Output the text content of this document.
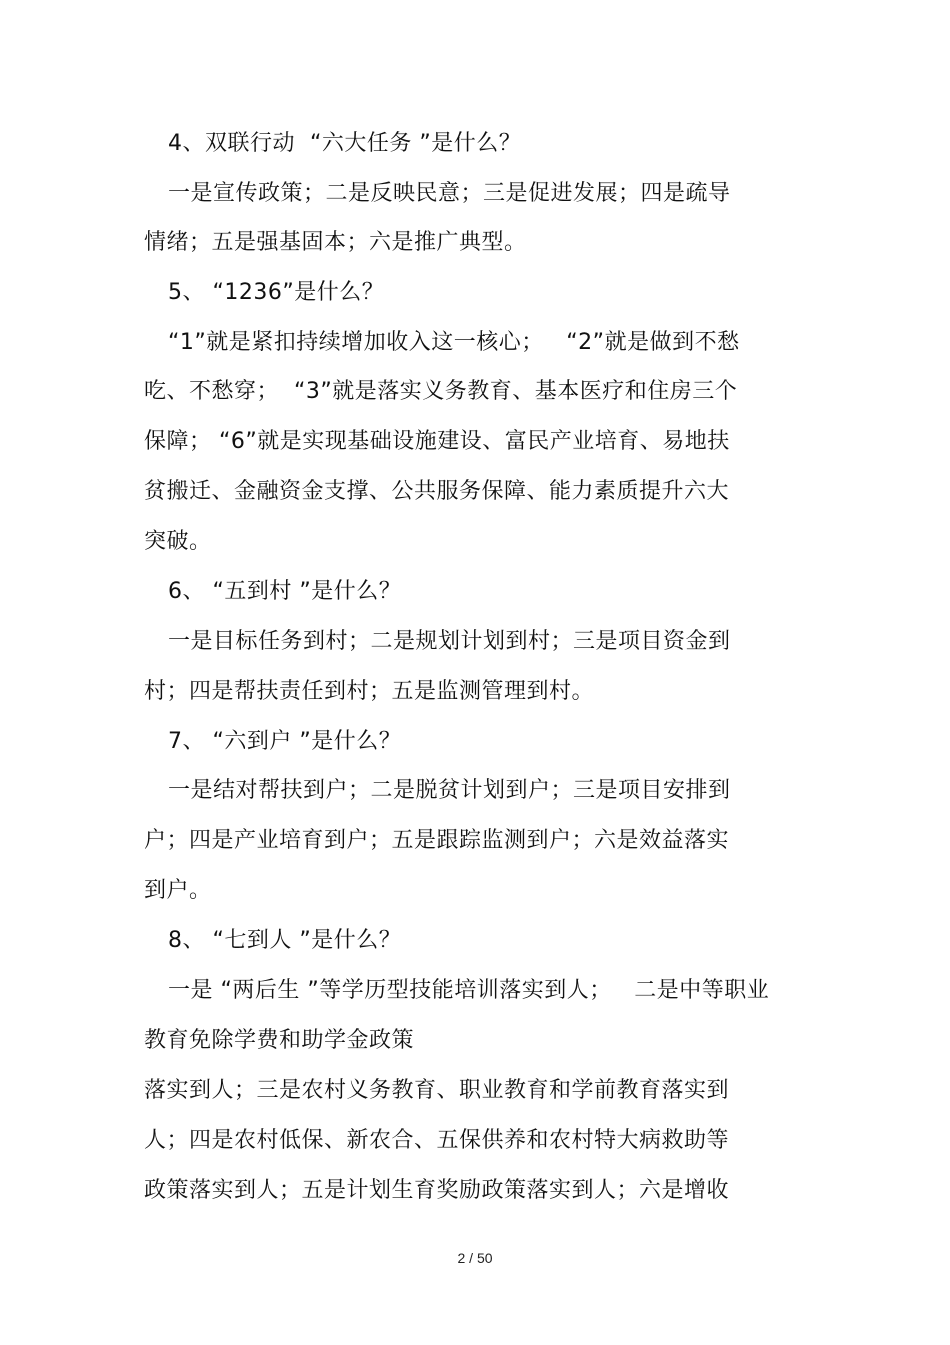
4、双联行动  “六大任务 ”是什么？
一是宣传政策；二是反映民意；三是促进发展；四是疏导
情绪；五是强基固本；六是推广典型。
5、 “1236”是什么？
“1”就是紧扣持续增加收入这一核心；   “2”就是做到不愁
吃、不愁穿；  “3”就是落实义务教育、基本医疗和住房三个
保障； “6”就是实现基础设施建设、富民产业培育、易地扶
贫搬迁、金融资金支撑、公共服务保障、能力素质提升六大
突破。
6、 “五到村 ”是什么？
一是目标任务到村；二是规划计划到村；三是项目资金到
村；四是帮扶责任到村；五是监测管理到村。
7、 “六到户 ”是什么？
一是结对帮扶到户；二是脱贫计划到户；三是项目安排到
户；四是产业培育到户；五是跟踪监测到户；六是效益落实
到户。
8、 “七到人 ”是什么？
一是 “两后生 ”等学历型技能培训落实到人；   二是中等职业
教育免除学费和助学金政策
落实到人；三是农村义务教育、职业教育和学前教育落实到
人；四是农村低保、新农合、五保供养和农村特大病救助等
政策落实到人；五是计划生育奖励政策落实到人；六是增收
2 / 50
